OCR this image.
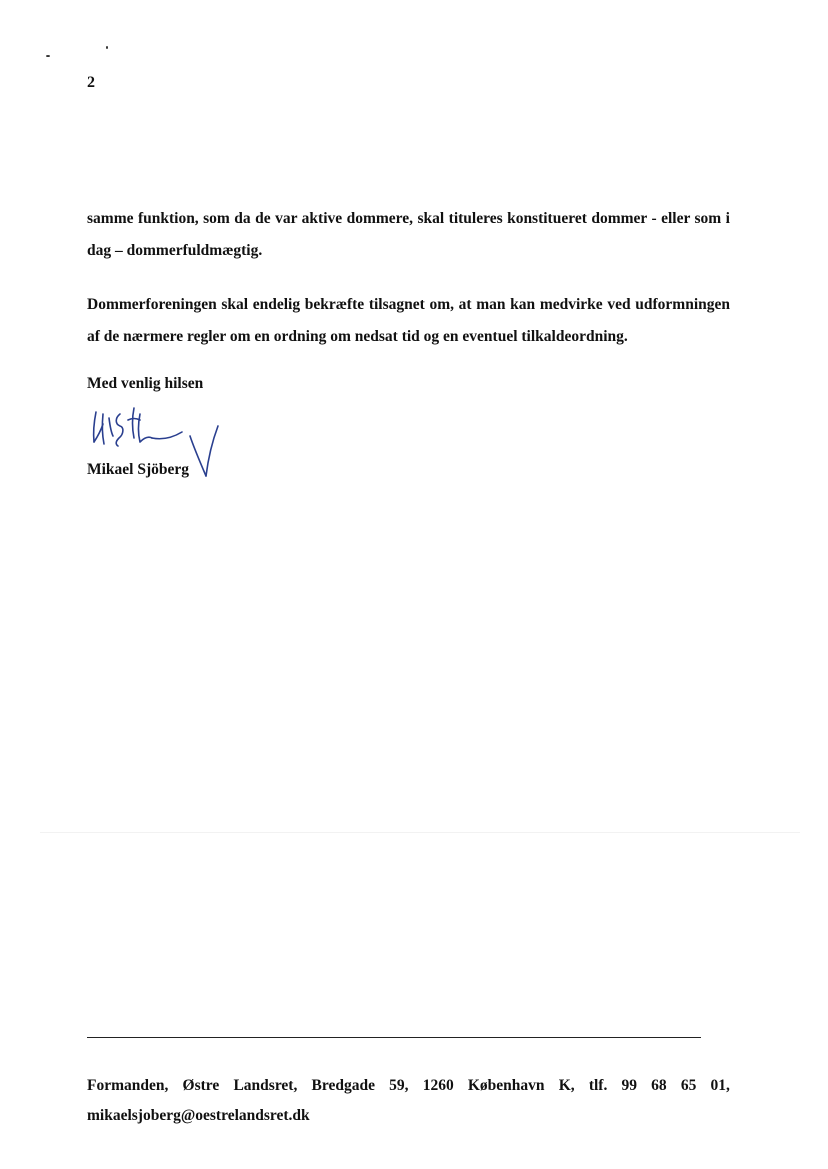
2

samme funktion, som da de var aktive dommere, skal tituleres konstitueret dommer - eller som i dag – dommerfuldmægtig.

Dommerforeningen skal endelig bekræfte tilsagnet om, at man kan medvirke ved udformningen af de nærmere regler om en ordning om nedsat tid og en eventuel tilkaldeordning.

Med venlig hilsen
Mikael Sjöberg
Formanden, Østre Landsret, Bredgade 59, 1260 København K, tlf. 99 68 65 01,
mikaelsjoberg@oestrelandsret.dk
